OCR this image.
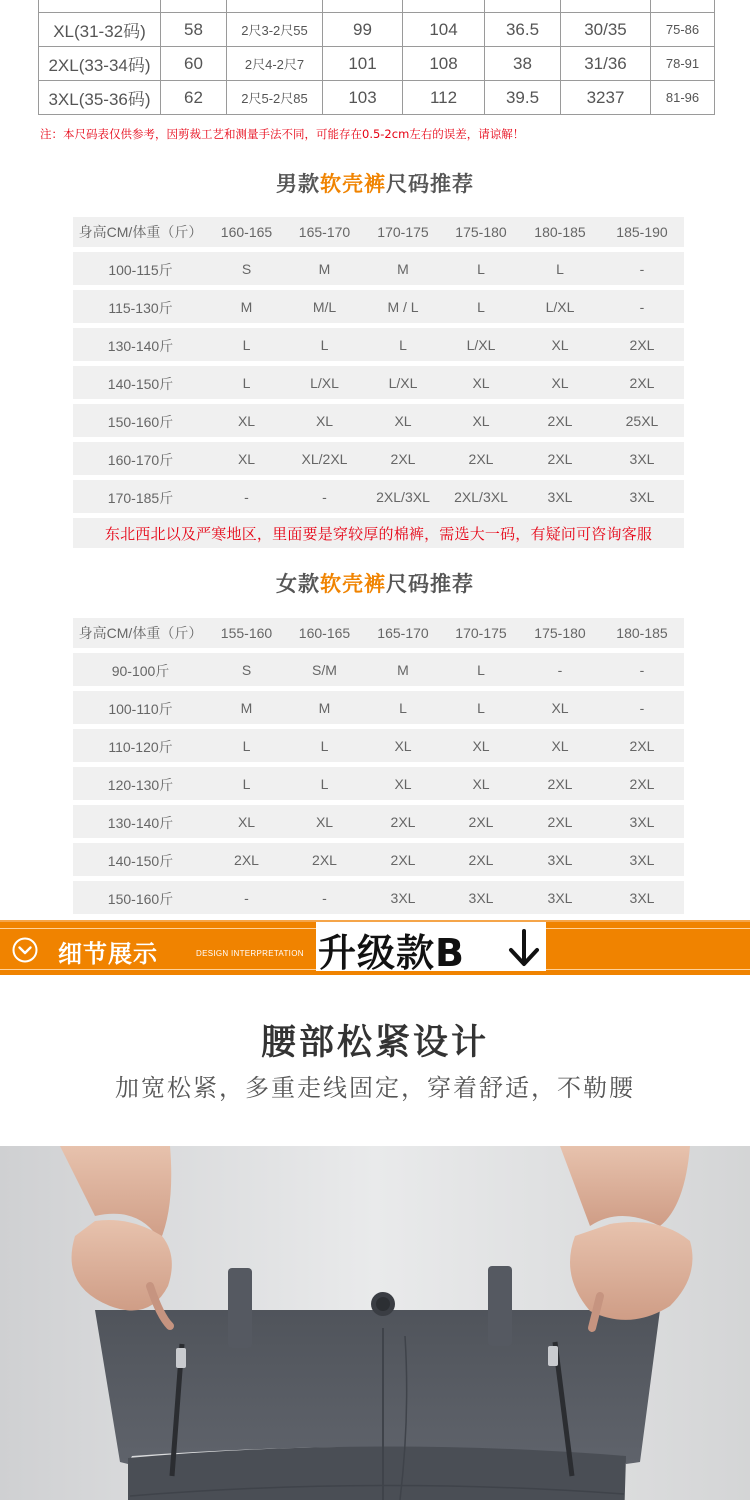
XL(31-32码)	58	2尺3-2尺55	99	104	36.5	30/35	75-86
2XL(33-34码)	60	2尺4-2尺7	101	108	38	31/36	78-91
3XL(35-36码)	62	2尺5-2尺85	103	112	39.5	3237	81-96
注：本尺码表仅供参考，因剪裁工艺和测量手法不同，可能存在0.5-2cm左右的误差，请谅解！
男款软壳裤尺码推荐
身高CM/体重（斤）	160-165	165-170	170-175	175-180	180-185	185-190
100-115斤	S	M	M	L	L	-
115-130斤	M	M/L	M / L	L	L/XL	-
130-140斤	L	L	L	L/XL	XL	2XL
140-150斤	L	L/XL	L/XL	XL	XL	2XL
150-160斤	XL	XL	XL	XL	2XL	25XL
160-170斤	XL	XL/2XL	2XL	2XL	2XL	3XL
170-185斤	-	-	2XL/3XL	2XL/3XL	3XL	3XL
东北西北以及严寒地区，里面要是穿较厚的棉裤，需选大一码，有疑问可咨询客服						
女款软壳裤尺码推荐
身高CM/体重（斤）	155-160	160-165	165-170	170-175	175-180	180-185
90-100斤	S	S/M	M	L	-	-
100-110斤	M	M	L	L	XL	-
110-120斤	L	L	XL	XL	XL	2XL
120-130斤	L	L	XL	XL	2XL	2XL
130-140斤	XL	XL	2XL	2XL	2XL	3XL
140-150斤	2XL	2XL	2XL	2XL	3XL	3XL
150-160斤	-	-	3XL	3XL	3XL	3XL
细节展示	DESIGN INTERPRETATION 升级款B
腰部松紧设计
加宽松紧，多重走线固定，穿着舒适，不勒腰
